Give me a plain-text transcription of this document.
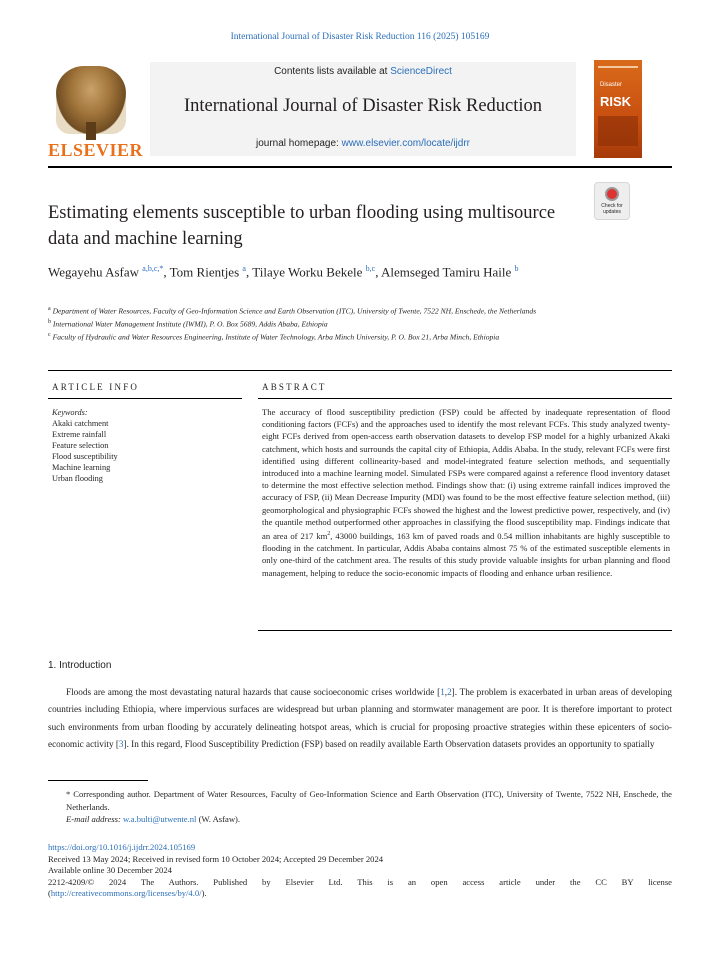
International Journal of Disaster Risk Reduction 116 (2025) 105169
ELSEVIER
Contents lists available at ScienceDirect
International Journal of Disaster Risk Reduction
journal homepage: www.elsevier.com/locate/ijdrr
Disaster
RISK
Check for updates
Estimating elements susceptible to urban flooding using multisource data and machine learning
Wegayehu Asfaw $^{a,b,c,*}$, Tom Rientjes $^a$, Tilaye Worku Bekele $^{b,c}$, Alemseged Tamiru Haile $^b$
$^a$ Department of Water Resources, Faculty of Geo-Information Science and Earth Observation (ITC), University of Twente, 7522 NH, Enschede, the Netherlands
$^b$ International Water Management Institute (IWMI), P. O. Box 5689, Addis Ababa, Ethiopia
$^c$ Faculty of Hydraulic and Water Resources Engineering, Institute of Water Technology, Arba Minch University, P. O. Box 21, Arba Minch, Ethiopia
ARTICLE INFO
Keywords:
Akaki catchment
Extreme rainfall
Feature selection
Flood susceptibility
Machine learning
Urban flooding
ABSTRACT
The accuracy of flood susceptibility prediction (FSP) could be affected by inadequate representation of flood conditioning factors (FCFs) and the approaches used to identify the most relevant FCFs. This study analyzed twenty-eight FCFs derived from open-access earth observation datasets to develop FSP model for a highly urbanized Akaki catchment, which hosts and surrounds the capital city of Ethiopia, Addis Ababa. In the study, relevant FCFs were first identified using different collinearity-based and model-integrated feature selection methods, and sequentially introduced into a machine learning model. Simulated FSPs were compared against a reference flood inventory dataset to determine the most effective selection method. Findings show that: (i) using extreme rainfall indices improved the accuracy of FSP, (ii) Mean Decrease Impurity (MDI) was found to be the most effective feature selection method, (iii) geomorphological and physiographic FCFs showed the highest and the lowest predictive power, respectively, and (iv) the quantile method outperformed other approaches in classifying the flood susceptibility map. Findings indicate that an area of 217 $km^2$, 43000 buildings, 163 km of paved roads and 0.54 million inhabitants are highly susceptible to flooding in the catchment. In particular, Addis Ababa contains almost 75 % of the estimated susceptible elements in only one-third of the catchment area. The results of this study provide valuable insights for urban planning and flood management, helping to reduce the socio-economic impacts of flooding and enhance urban resilience.
1. Introduction
Floods are among the most devastating natural hazards that cause socioeconomic crises worldwide [1,2]. The problem is exacerbated in urban areas of developing countries including Ethiopia, where impervious surfaces are widespread but urban planning and stormwater management are poor. It is therefore important to protect such environments from urban flooding by accurately delineating hotspot areas, which is crucial for proposing proactive strategies within these epicenters of socio-economic activity [3]. In this regard, Flood Susceptibility Prediction (FSP) based on readily available Earth Observation datasets provides an opportunity to spatially
* Corresponding author. Department of Water Resources, Faculty of Geo-Information Science and Earth Observation (ITC), University of Twente, 7522 NH, Enschede, the Netherlands.
E-mail address: w.a.bulti@utwente.nl (W. Asfaw).
https://doi.org/10.1016/j.ijdrr.2024.105169
Received 13 May 2024; Received in revised form 10 October 2024; Accepted 29 December 2024
Available online 30 December 2024
2212-4209/© 2024 The Authors. Published by Elsevier Ltd. This is an open access article under the CC BY license
(http://creativecommons.org/licenses/by/4.0/).
